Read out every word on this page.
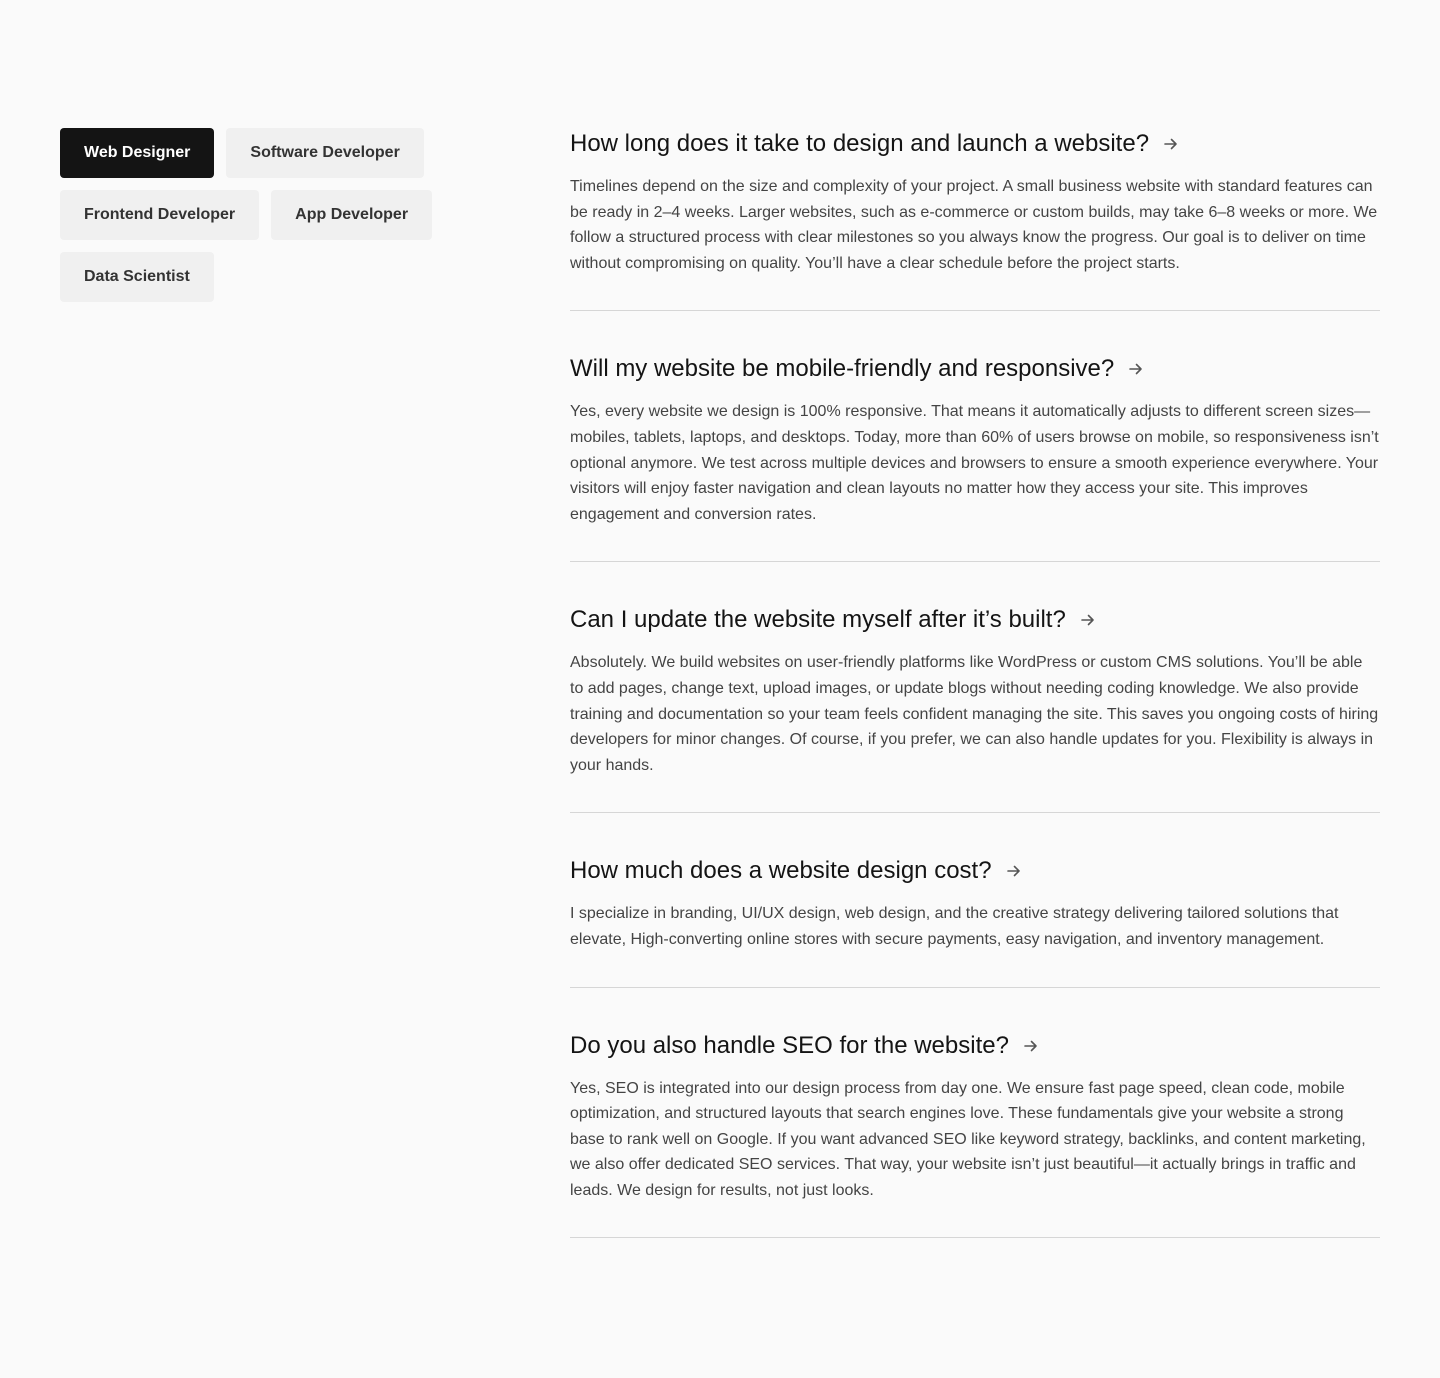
Web Designer	Software Developer
Frontend Developer	App Developer
Data Scientist
How long does it take to design and launch a website?

Timelines depend on the size and complexity of your project. A small business website with standard features can be ready in 2–4 weeks. Larger websites, such as e-commerce or custom builds, may take 6–8 weeks or more. We follow a structured process with clear milestones so you always know the progress. Our goal is to deliver on time without compromising on quality. You’ll have a clear schedule before the project starts.

Will my website be mobile-friendly and responsive?

Yes, every website we design is 100% responsive. That means it automatically adjusts to different screen sizes—mobiles, tablets, laptops, and desktops. Today, more than 60% of users browse on mobile, so responsiveness isn’t optional anymore. We test across multiple devices and browsers to ensure a smooth experience everywhere. Your visitors will enjoy faster navigation and clean layouts no matter how they access your site. This improves engagement and conversion rates.

Can I update the website myself after it’s built?

Absolutely. We build websites on user-friendly platforms like WordPress or custom CMS solutions. You’ll be able to add pages, change text, upload images, or update blogs without needing coding knowledge. We also provide training and documentation so your team feels confident managing the site. This saves you ongoing costs of hiring developers for minor changes. Of course, if you prefer, we can also handle updates for you. Flexibility is always in your hands.

How much does a website design cost?

I specialize in branding, UI/UX design, web design, and the creative strategy delivering tailored solutions that elevate, High-converting online stores with secure payments, easy navigation, and inventory management.

Do you also handle SEO for the website?

Yes, SEO is integrated into our design process from day one. We ensure fast page speed, clean code, mobile optimization, and structured layouts that search engines love. These fundamentals give your website a strong base to rank well on Google. If you want advanced SEO like keyword strategy, backlinks, and content marketing, we also offer dedicated SEO services. That way, your website isn’t just beautiful—it actually brings in traffic and leads. We design for results, not just looks.
